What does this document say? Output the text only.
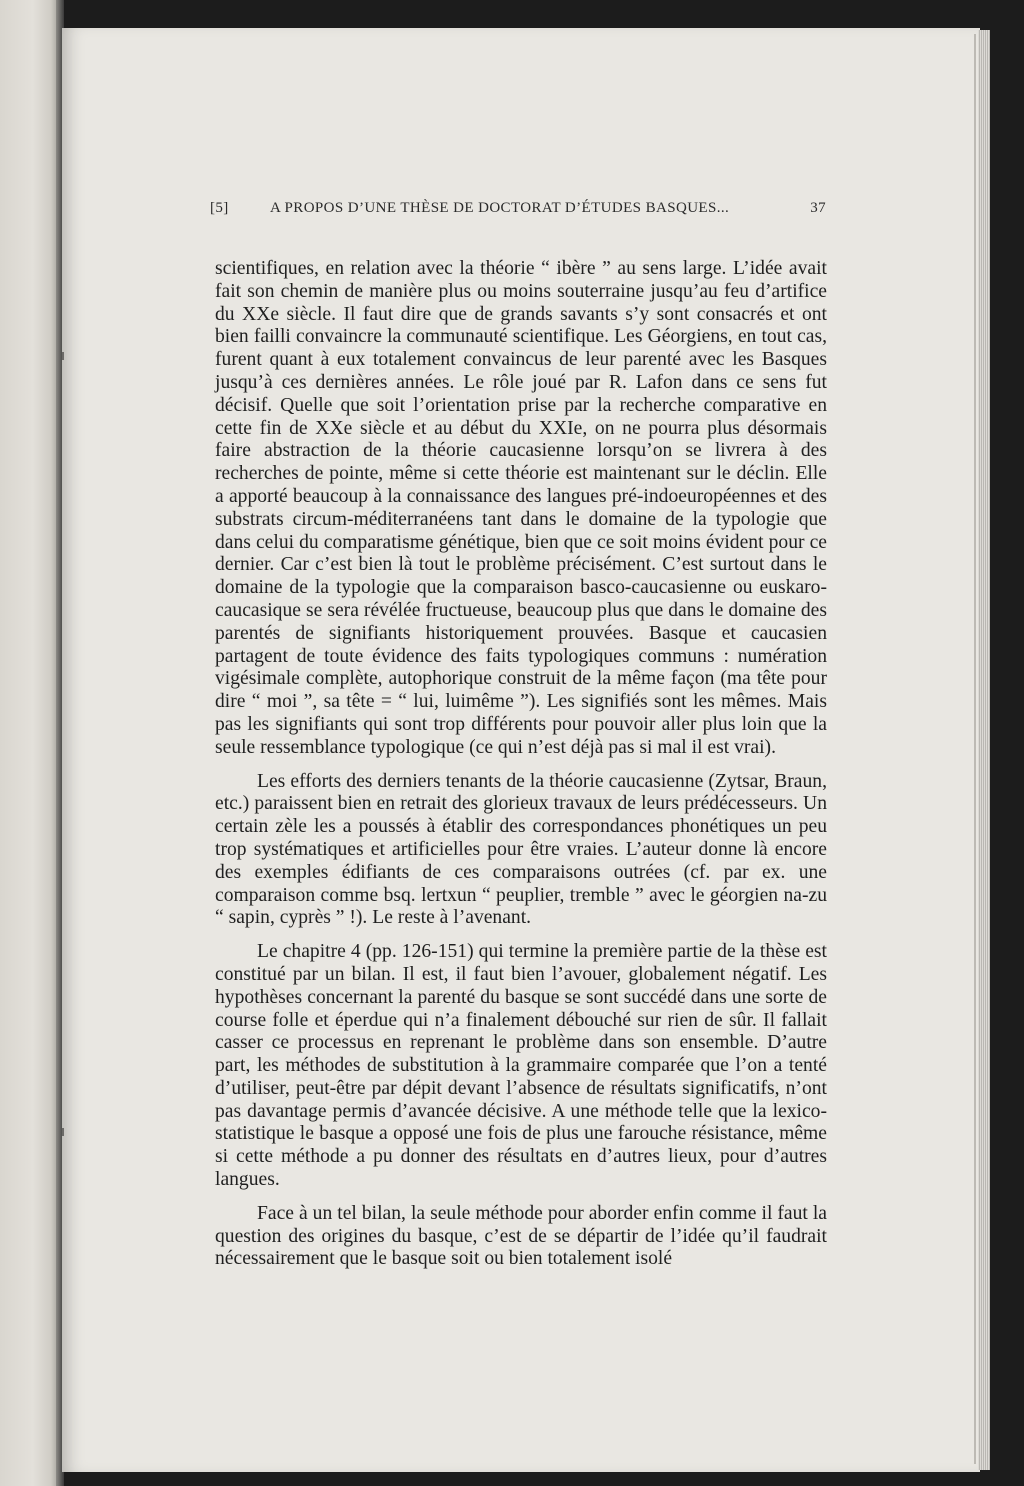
[5]	A PROPOS D’UNE THÈSE DE DOCTORAT D’ÉTUDES BASQUES...	37

scientifiques, en relation avec la théorie “ ibère ” au sens large. L’idée avait fait son chemin de manière plus ou moins souterraine jusqu’au feu d’artifice du XXe siècle. Il faut dire que de grands savants s’y sont consacrés et ont bien failli convaincre la communauté scientifique. Les Géorgiens, en tout cas, furent quant à eux totalement convaincus de leur parenté avec les Basques jusqu’à ces dernières années. Le rôle joué par R. Lafon dans ce sens fut décisif. Quelle que soit l’orientation prise par la recherche comparative en cette fin de XXe siècle et au début du XXIe, on ne pourra plus désormais faire abstraction de la théorie caucasienne lorsqu’on se livrera à des recherches de pointe, même si cette théorie est maintenant sur le déclin. Elle a apporté beaucoup à la connaissance des langues pré-indoeuropéennes et des substrats circum-méditerranéens tant dans le domaine de la typologie que dans celui du comparatisme génétique, bien que ce soit moins évident pour ce dernier. Car c’est bien là tout le problème précisément. C’est surtout dans le domaine de la typologie que la comparaison basco-caucasienne ou euskaro-caucasique se sera révélée fructueuse, beaucoup plus que dans le domaine des parentés de signifiants historiquement prouvées. Basque et caucasien partagent de toute évidence des faits typologiques communs : numération vigésimale complète, autophorique construit de la même façon (ma tête pour dire “ moi ”, sa tête = “ lui, luimême ”). Les signifiés sont les mêmes. Mais pas les signifiants qui sont trop différents pour pouvoir aller plus loin que la seule ressemblance typologique (ce qui n’est déjà pas si mal il est vrai).

Les efforts des derniers tenants de la théorie caucasienne (Zytsar, Braun, etc.) paraissent bien en retrait des glorieux travaux de leurs prédécesseurs. Un certain zèle les a poussés à établir des correspondances phonétiques un peu trop systématiques et artificielles pour être vraies. L’auteur donne là encore des exemples édifiants de ces comparaisons outrées (cf. par ex. une comparaison comme bsq. lertxun “ peuplier, tremble ” avec le géorgien na-zu “ sapin, cyprès ” !). Le reste à l’avenant.

Le chapitre 4 (pp. 126-151) qui termine la première partie de la thèse est constitué par un bilan. Il est, il faut bien l’avouer, globalement négatif. Les hypothèses concernant la parenté du basque se sont succédé dans une sorte de course folle et éperdue qui n’a finalement débouché sur rien de sûr. Il fallait casser ce processus en reprenant le problème dans son ensemble. D’autre part, les méthodes de substitution à la grammaire comparée que l’on a tenté d’utiliser, peut-être par dépit devant l’absence de résultats significatifs, n’ont pas davantage permis d’avancée décisive. A une méthode telle que la lexico-statistique le basque a opposé une fois de plus une farouche résistance, même si cette méthode a pu donner des résultats en d’autres lieux, pour d’autres langues.

Face à un tel bilan, la seule méthode pour aborder enfin comme il faut la question des origines du basque, c’est de se départir de l’idée qu’il faudrait nécessairement que le basque soit ou bien totalement isolé
